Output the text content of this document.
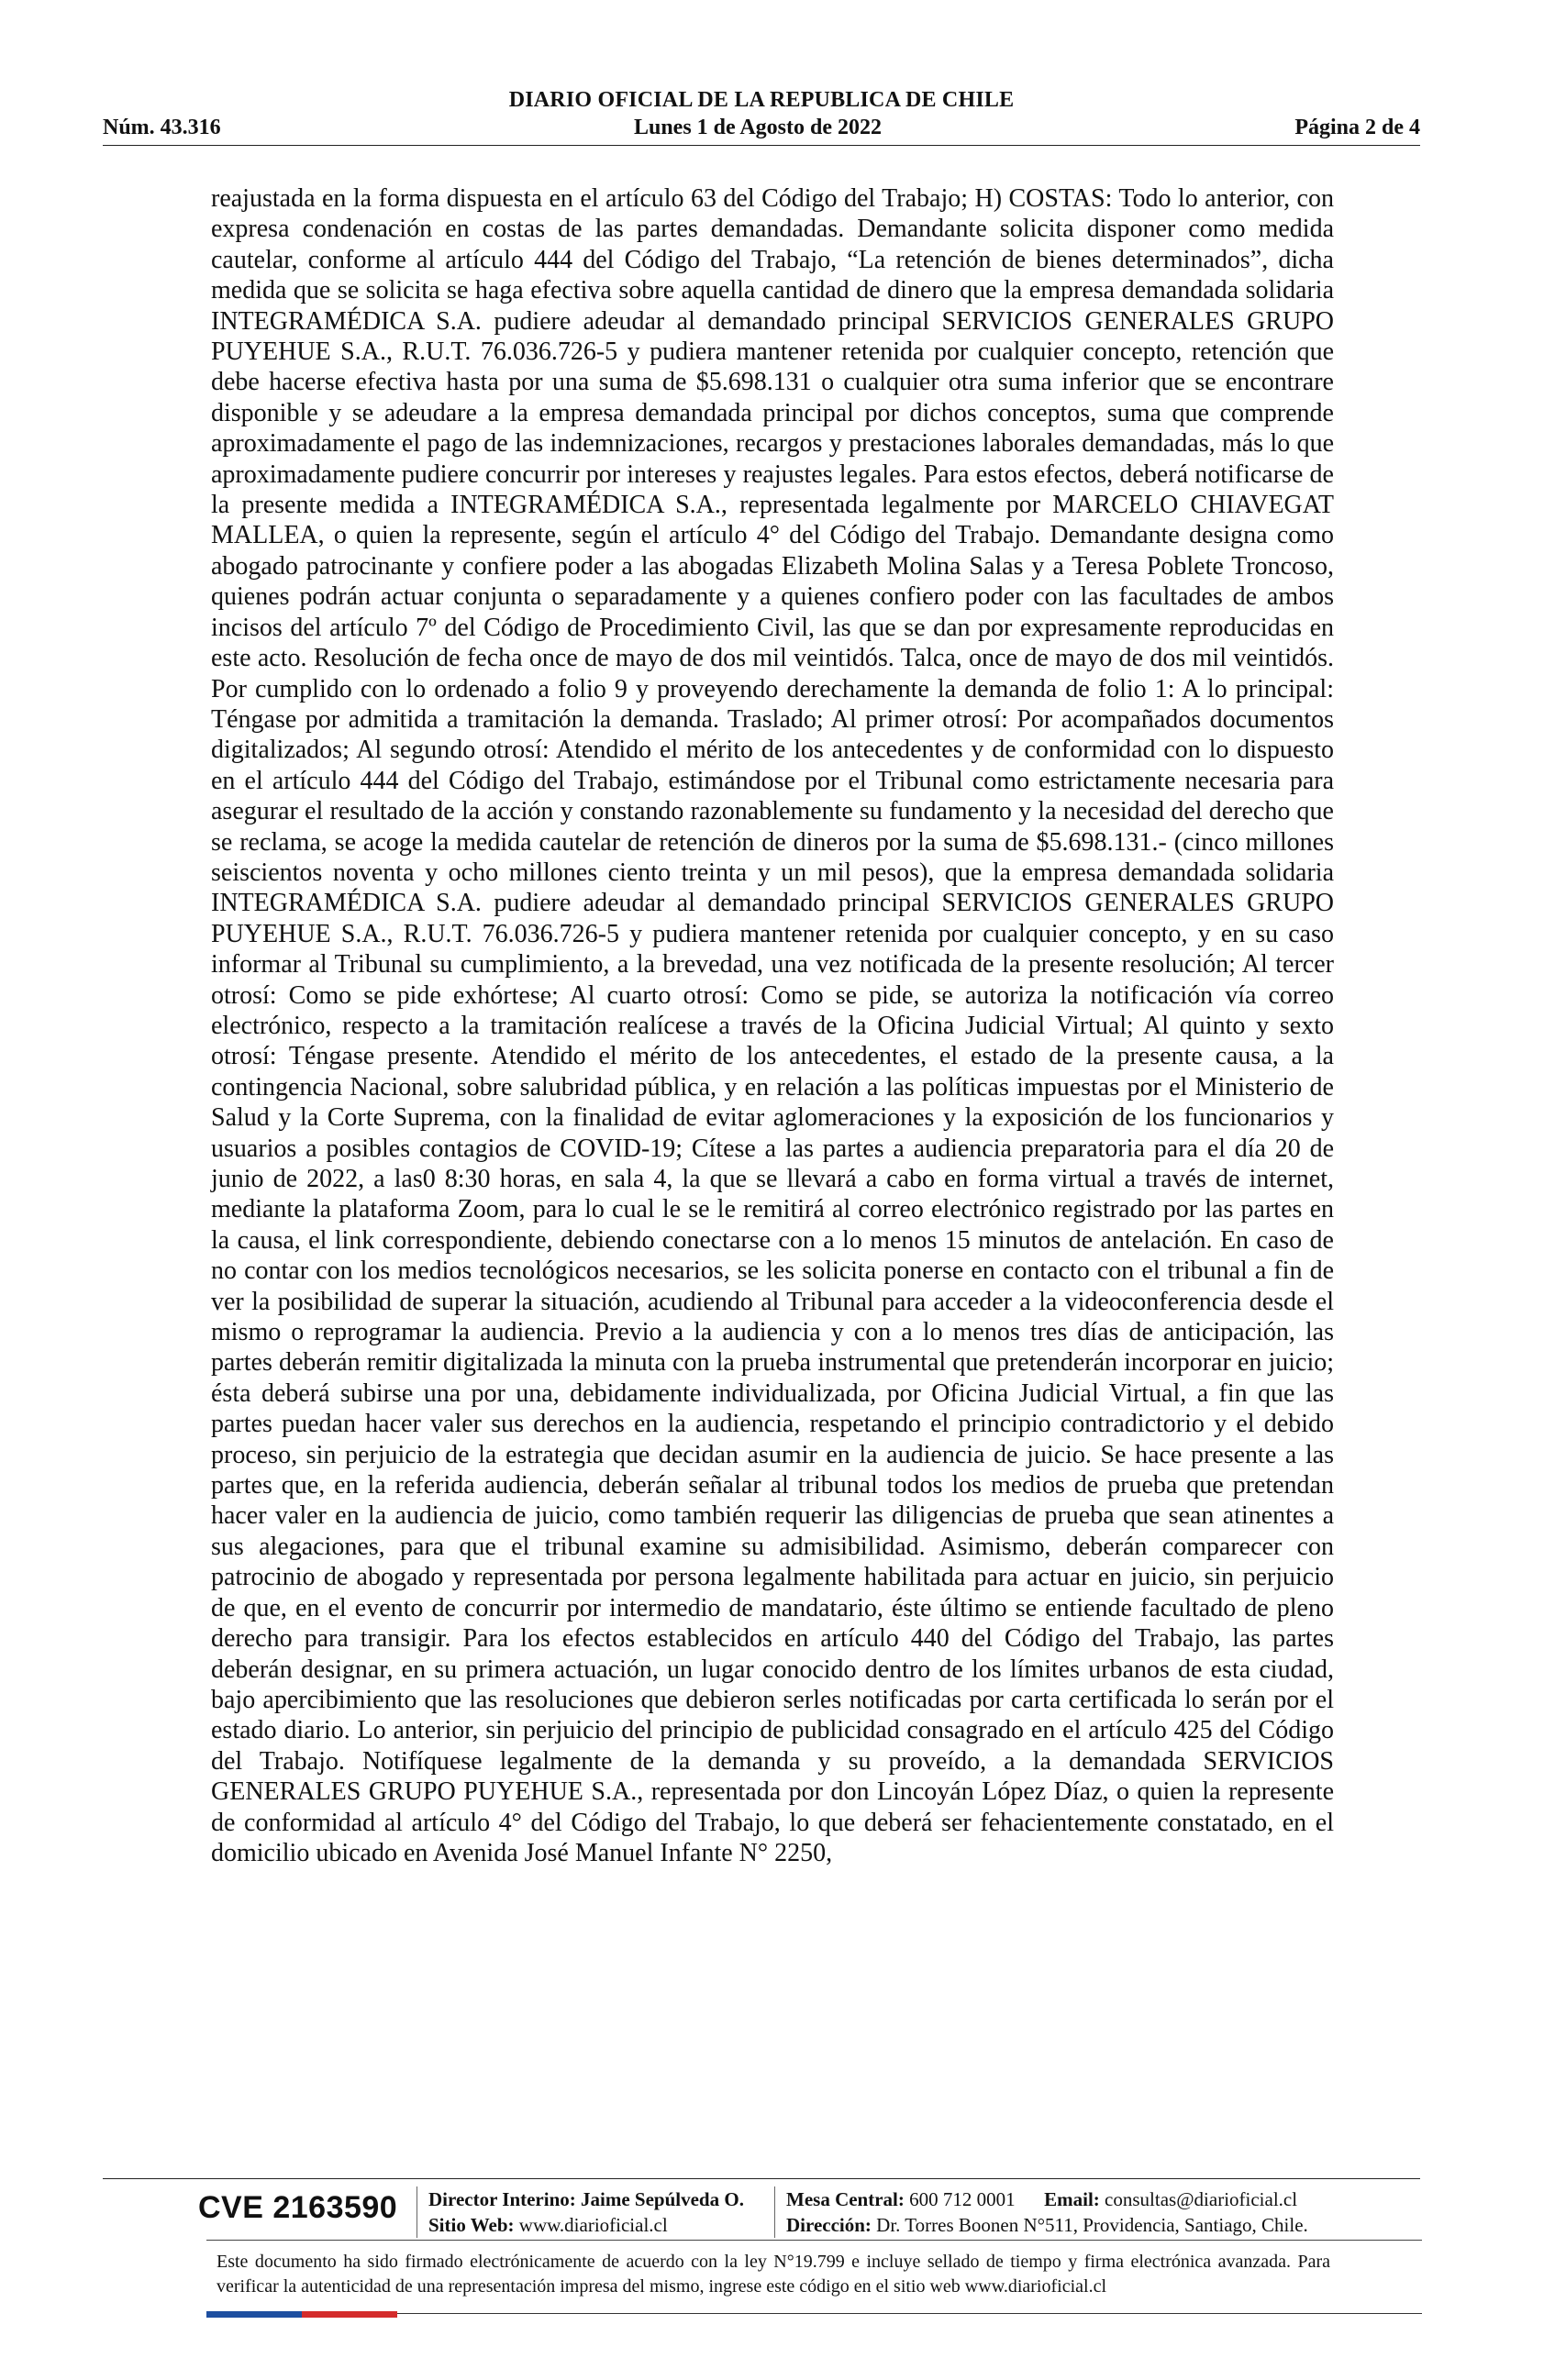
DIARIO OFICIAL DE LA REPUBLICA DE CHILE
Núm. 43.316	Lunes 1 de Agosto de 2022	Página 2 de 4

reajustada en la forma dispuesta en el artículo 63 del Código del Trabajo; H) COSTAS: Todo lo anterior, con expresa condenación en costas de las partes demandadas. Demandante solicita disponer como medida cautelar, conforme al artículo 444 del Código del Trabajo, “La retención de bienes determinados”, dicha medida que se solicita se haga efectiva sobre aquella cantidad de dinero que la empresa demandada solidaria INTEGRAMÉDICA S.A. pudiere adeudar al demandado principal SERVICIOS GENERALES GRUPO PUYEHUE S.A., R.U.T. 76.036.726-5 y pudiera mantener retenida por cualquier concepto, retención que debe hacerse efectiva hasta por una suma de $5.698.131 o cualquier otra suma inferior que se encontrare disponible y se adeudare a la empresa demandada principal por dichos conceptos, suma que comprende aproximadamente el pago de las indemnizaciones, recargos y prestaciones laborales demandadas, más lo que aproximadamente pudiere concurrir por intereses y reajustes legales. Para estos efectos, deberá notificarse de la presente medida a INTEGRAMÉDICA S.A., representada legalmente por MARCELO CHIAVEGAT MALLEA, o quien la represente, según el artículo 4° del Código del Trabajo. Demandante designa como abogado patrocinante y confiere poder a las abogadas Elizabeth Molina Salas y a Teresa Poblete Troncoso, quienes podrán actuar conjunta o separadamente y a quienes confiero poder con las facultades de ambos incisos del artículo 7º del Código de Procedimiento Civil, las que se dan por expresamente reproducidas en este acto. Resolución de fecha once de mayo de dos mil veintidós. Talca, once de mayo de dos mil veintidós. Por cumplido con lo ordenado a folio 9 y proveyendo derechamente la demanda de folio 1: A lo principal: Téngase por admitida a tramitación la demanda. Traslado; Al primer otrosí: Por acompañados documentos digitalizados; Al segundo otrosí: Atendido el mérito de los antecedentes y de conformidad con lo dispuesto en el artículo 444 del Código del Trabajo, estimándose por el Tribunal como estrictamente necesaria para asegurar el resultado de la acción y constando razonablemente su fundamento y la necesidad del derecho que se reclama, se acoge la medida cautelar de retención de dineros por la suma de $5.698.131.- (cinco millones seiscientos noventa y ocho millones ciento treinta y un mil pesos), que la empresa demandada solidaria INTEGRAMÉDICA S.A. pudiere adeudar al demandado principal SERVICIOS GENERALES GRUPO PUYEHUE S.A., R.U.T. 76.036.726-5 y pudiera mantener retenida por cualquier concepto, y en su caso informar al Tribunal su cumplimiento, a la brevedad, una vez notificada de la presente resolución; Al tercer otrosí: Como se pide exhórtese; Al cuarto otrosí: Como se pide, se autoriza la notificación vía correo electrónico, respecto a la tramitación realícese a través de la Oficina Judicial Virtual; Al quinto y sexto otrosí: Téngase presente. Atendido el mérito de los antecedentes, el estado de la presente causa, a la contingencia Nacional, sobre salubridad pública, y en relación a las políticas impuestas por el Ministerio de Salud y la Corte Suprema, con la finalidad de evitar aglomeraciones y la exposición de los funcionarios y usuarios a posibles contagios de COVID-19; Cítese a las partes a audiencia preparatoria para el día 20 de junio de 2022, a las0 8:30 horas, en sala 4, la que se llevará a cabo en forma virtual a través de internet, mediante la plataforma Zoom, para lo cual le se le remitirá al correo electrónico registrado por las partes en la causa, el link correspondiente, debiendo conectarse con a lo menos 15 minutos de antelación. En caso de no contar con los medios tecnológicos necesarios, se les solicita ponerse en contacto con el tribunal a fin de ver la posibilidad de superar la situación, acudiendo al Tribunal para acceder a la videoconferencia desde el mismo o reprogramar la audiencia. Previo a la audiencia y con a lo menos tres días de anticipación, las partes deberán remitir digitalizada la minuta con la prueba instrumental que pretenderán incorporar en juicio; ésta deberá subirse una por una, debidamente individualizada, por Oficina Judicial Virtual, a fin que las partes puedan hacer valer sus derechos en la audiencia, respetando el principio contradictorio y el debido proceso, sin perjuicio de la estrategia que decidan asumir en la audiencia de juicio. Se hace presente a las partes que, en la referida audiencia, deberán señalar al tribunal todos los medios de prueba que pretendan hacer valer en la audiencia de juicio, como también requerir las diligencias de prueba que sean atinentes a sus alegaciones, para que el tribunal examine su admisibilidad. Asimismo, deberán comparecer con patrocinio de abogado y representada por persona legalmente habilitada para actuar en juicio, sin perjuicio de que, en el evento de concurrir por intermedio de mandatario, éste último se entiende facultado de pleno derecho para transigir. Para los efectos establecidos en artículo 440 del Código del Trabajo, las partes deberán designar, en su primera actuación, un lugar conocido dentro de los límites urbanos de esta ciudad, bajo apercibimiento que las resoluciones que debieron serles notificadas por carta certificada lo serán por el estado diario. Lo anterior, sin perjuicio del principio de publicidad consagrado en el artículo 425 del Código del Trabajo. Notifíquese legalmente de la demanda y su proveído, a la demandada SERVICIOS GENERALES GRUPO PUYEHUE S.A., representada por don Lincoyán López Díaz, o quien la represente de conformidad al artículo 4° del Código del Trabajo, lo que deberá ser fehacientemente constatado, en el domicilio ubicado en Avenida José Manuel Infante N° 2250,

CVE 2163590 Director Interino: Jaime Sepúlveda O.
Sitio Web: www.diarioficial.cl
Mesa Central: 600 712 0001 Email: consultas@diarioficial.cl
Dirección: Dr. Torres Boonen N°511, Providencia, Santiago, Chile.
Este documento ha sido firmado electrónicamente de acuerdo con la ley N°19.799 e incluye sellado de tiempo y firma electrónica avanzada. Para verificar la autenticidad de una representación impresa del mismo, ingrese este código en el sitio web www.diarioficial.cl
